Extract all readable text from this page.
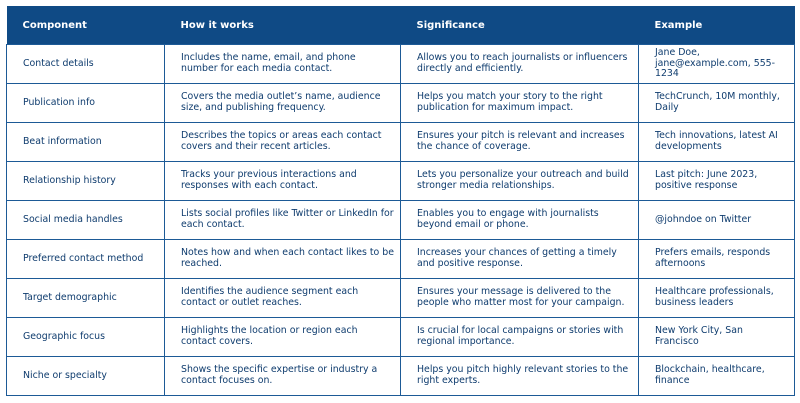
Component	How it works	Significance	Example
Contact details	Includes the name, email, and phone number for each media contact.	Allows you to reach journalists or influencers directly and efficiently.	Jane Doe, jane@example.com, 555-1234
Publication info	Covers the media outlet’s name, audience size, and publishing frequency.	Helps you match your story to the right publication for maximum impact.	TechCrunch, 10M monthly, Daily
Beat information	Describes the topics or areas each contact covers and their recent articles.	Ensures your pitch is relevant and increases the chance of coverage.	Tech innovations, latest AI developments
Relationship history	Tracks your previous interactions and responses with each contact.	Lets you personalize your outreach and build stronger media relationships.	Last pitch: June 2023, positive response
Social media handles	Lists social profiles like Twitter or LinkedIn for each contact.	Enables you to engage with journalists beyond email or phone.	@johndoe on Twitter
Preferred contact method	Notes how and when each contact likes to be reached.	Increases your chances of getting a timely and positive response.	Prefers emails, responds afternoons
Target demographic	Identifies the audience segment each contact or outlet reaches.	Ensures your message is delivered to the people who matter most for your campaign.	Healthcare professionals, business leaders
Geographic focus	Highlights the location or region each contact covers.	Is crucial for local campaigns or stories with regional importance.	New York City, San Francisco
Niche or specialty	Shows the specific expertise or industry a contact focuses on.	Helps you pitch highly relevant stories to the right experts.	Blockchain, healthcare, finance
